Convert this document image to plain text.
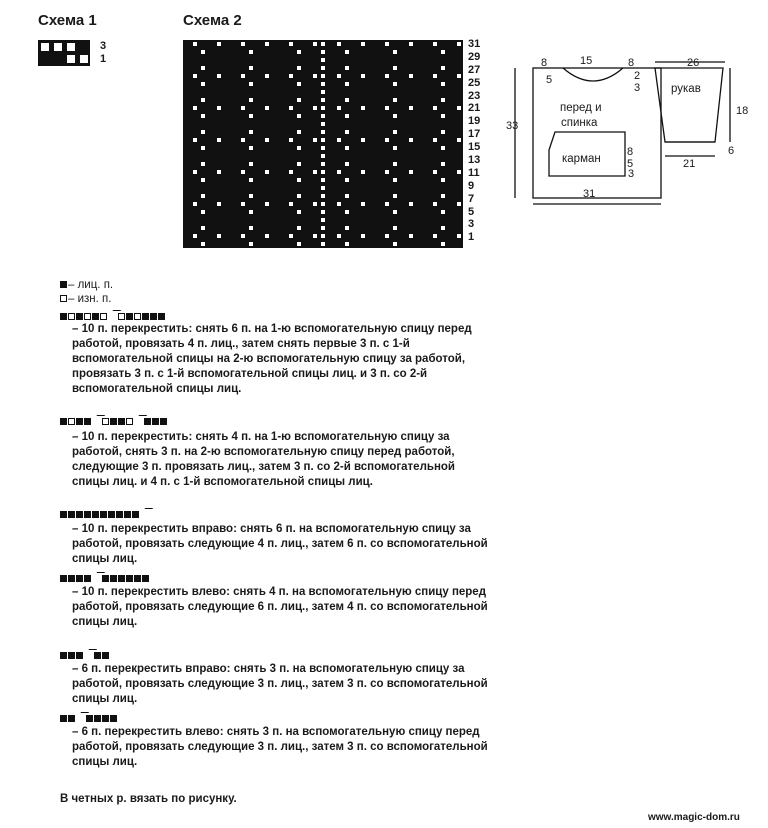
Схема 1
3
1
Схема 2
31
29
27
25
23
21
19
17
15
13
11
9
7
5
3
1
8	15	8
2
5
3
33
8
5
3
31
26
18
6
21
перед и
спинка
карман
рукав
– лиц. п.
– изн. п.
– 10 п. перекрестить: снять 6 п. на 1-ю вспомогательную спицу перед работой, провязать 4 п. лиц., затем снять первые 3 п. с 1-й вспомогательной спицы на 2-ю вспомогательную спицу за работой, провязать 3 п. с 1-й вспомогательной спицы лиц. и 3 п. со 2-й вспомогательной спицы лиц.
– 10 п. перекрестить: снять 4 п. на 1-ю вспомогательную спицу за работой, снять 3 п. на 2-ю вспомогательную спицу перед работой, следующие 3 п. провязать лиц., затем 3 п. со 2-й вспомогательной спицы лиц. и 4 п. с 1-й вспомогательной спицы лиц.
– 10 п. перекрестить вправо: снять 6 п. на вспомогательную спицу за работой, провязать следующие 4 п. лиц., затем 6 п. со вспомогательной спицы лиц.
– 10 п. перекрестить влево: снять 4 п. на вспомогательную спицу перед работой, провязать следующие 6 п. лиц., затем 4 п. со вспомогательной спицы лиц.
– 6 п. перекрестить вправо: снять 3 п. на вспомогательную спицу за работой, провязать следующие 3 п. лиц., затем 3 п. со вспомогательной спицы лиц.
– 6 п. перекрестить влево: снять 3 п. на вспомогательную спицу перед работой, провязать следующие 3 п. лиц., затем 3 п. со вспомогательной спицы лиц.
В четных р. вязать по рисунку.
www.magic-dom.ru
